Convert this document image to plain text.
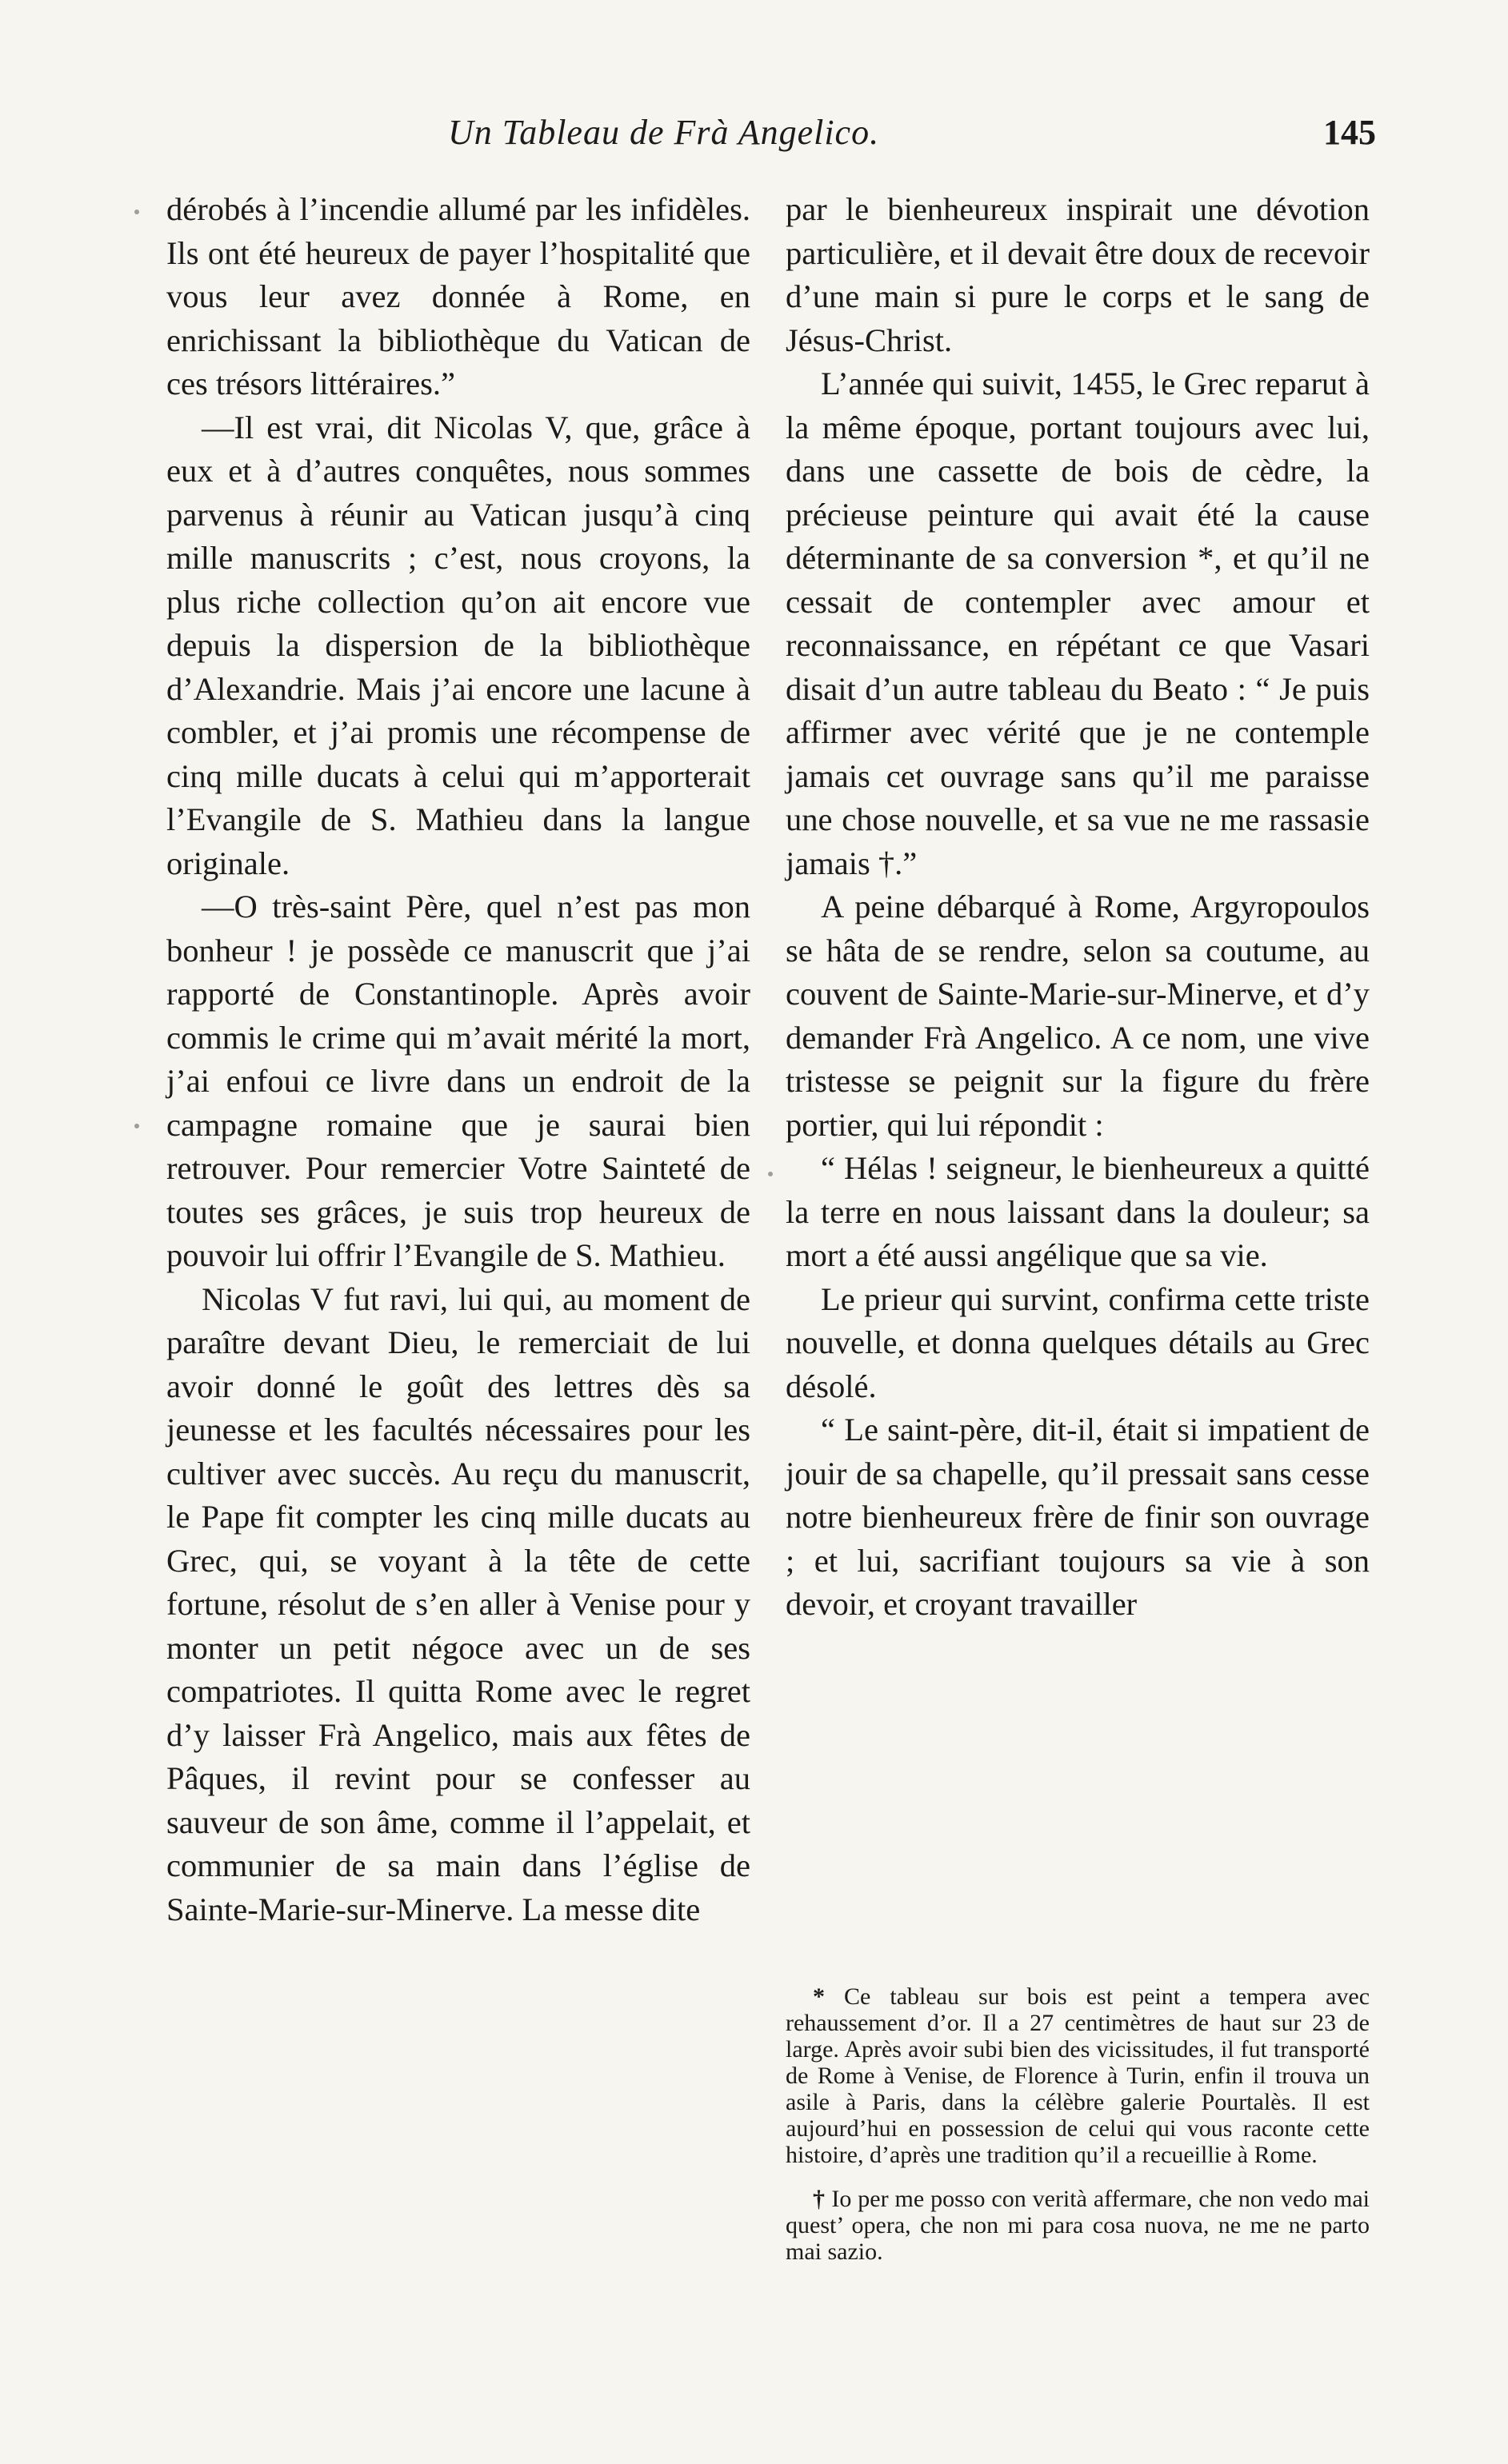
Un Tableau de Frà Angelico.	145

dérobés à l’incendie allumé par les infidèles. Ils ont été heureux de payer l’hospitalité que vous leur avez donnée à Rome, en enrichissant la bibliothèque du Vatican de ces trésors littéraires.”

—Il est vrai, dit Nicolas V, que, grâce à eux et à d’autres conquêtes, nous sommes parvenus à réunir au Vatican jusqu’à cinq mille manuscrits ; c’est, nous croyons, la plus riche collection qu’on ait encore vue depuis la dispersion de la bibliothèque d’Alexandrie. Mais j’ai encore une lacune à combler, et j’ai promis une récompense de cinq mille ducats à celui qui m’apporterait l’Evangile de S. Mathieu dans la langue originale.

—O très-saint Père, quel n’est pas mon bonheur ! je possède ce manuscrit que j’ai rapporté de Constantinople. Après avoir commis le crime qui m’avait mérité la mort, j’ai enfoui ce livre dans un endroit de la campagne romaine que je saurai bien retrouver. Pour remercier Votre Sainteté de toutes ses grâces, je suis trop heureux de pouvoir lui offrir l’Evangile de S. Mathieu.

Nicolas V fut ravi, lui qui, au moment de paraître devant Dieu, le remerciait de lui avoir donné le goût des lettres dès sa jeunesse et les facultés nécessaires pour les cultiver avec succès. Au reçu du manuscrit, le Pape fit compter les cinq mille ducats au Grec, qui, se voyant à la tête de cette fortune, résolut de s’en aller à Venise pour y monter un petit négoce avec un de ses compatriotes. Il quitta Rome avec le regret d’y laisser Frà Angelico, mais aux fêtes de Pâques, il revint pour se confesser au sauveur de son âme, comme il l’appelait, et communier de sa main dans l’église de Sainte-Marie-sur-Minerve. La messe dite

par le bienheureux inspirait une dévotion particulière, et il devait être doux de recevoir d’une main si pure le corps et le sang de Jésus-Christ.

L’année qui suivit, 1455, le Grec reparut à la même époque, portant toujours avec lui, dans une cassette de bois de cèdre, la précieuse peinture qui avait été la cause déterminante de sa conversion *, et qu’il ne cessait de contempler avec amour et reconnaissance, en répétant ce que Vasari disait d’un autre tableau du Beato : “ Je puis affirmer avec vérité que je ne contemple jamais cet ouvrage sans qu’il me paraisse une chose nouvelle, et sa vue ne me rassasie jamais †.”

A peine débarqué à Rome, Argyropoulos se hâta de se rendre, selon sa coutume, au couvent de Sainte-Marie-sur-Minerve, et d’y demander Frà Angelico. A ce nom, une vive tristesse se peignit sur la figure du frère portier, qui lui répondit :

“ Hélas ! seigneur, le bienheureux a quitté la terre en nous laissant dans la douleur; sa mort a été aussi angélique que sa vie.

Le prieur qui survint, confirma cette triste nouvelle, et donna quelques détails au Grec désolé.

“ Le saint-père, dit-il, était si impatient de jouir de sa chapelle, qu’il pressait sans cesse notre bienheureux frère de finir son ouvrage ; et lui, sacrifiant toujours sa vie à son devoir, et croyant travailler

* Ce tableau sur bois est peint a tempera avec rehaussement d’or. Il a 27 centimètres de haut sur 23 de large. Après avoir subi bien des vicissitudes, il fut transporté de Rome à Venise, de Florence à Turin, enfin il trouva un asile à Paris, dans la célèbre galerie Pourtalès. Il est aujourd’hui en possession de celui qui vous raconte cette histoire, d’après une tradition qu’il a recueillie à Rome.

† Io per me posso con verità affermare, che non vedo mai quest’ opera, che non mi para cosa nuova, ne me ne parto mai sazio.
